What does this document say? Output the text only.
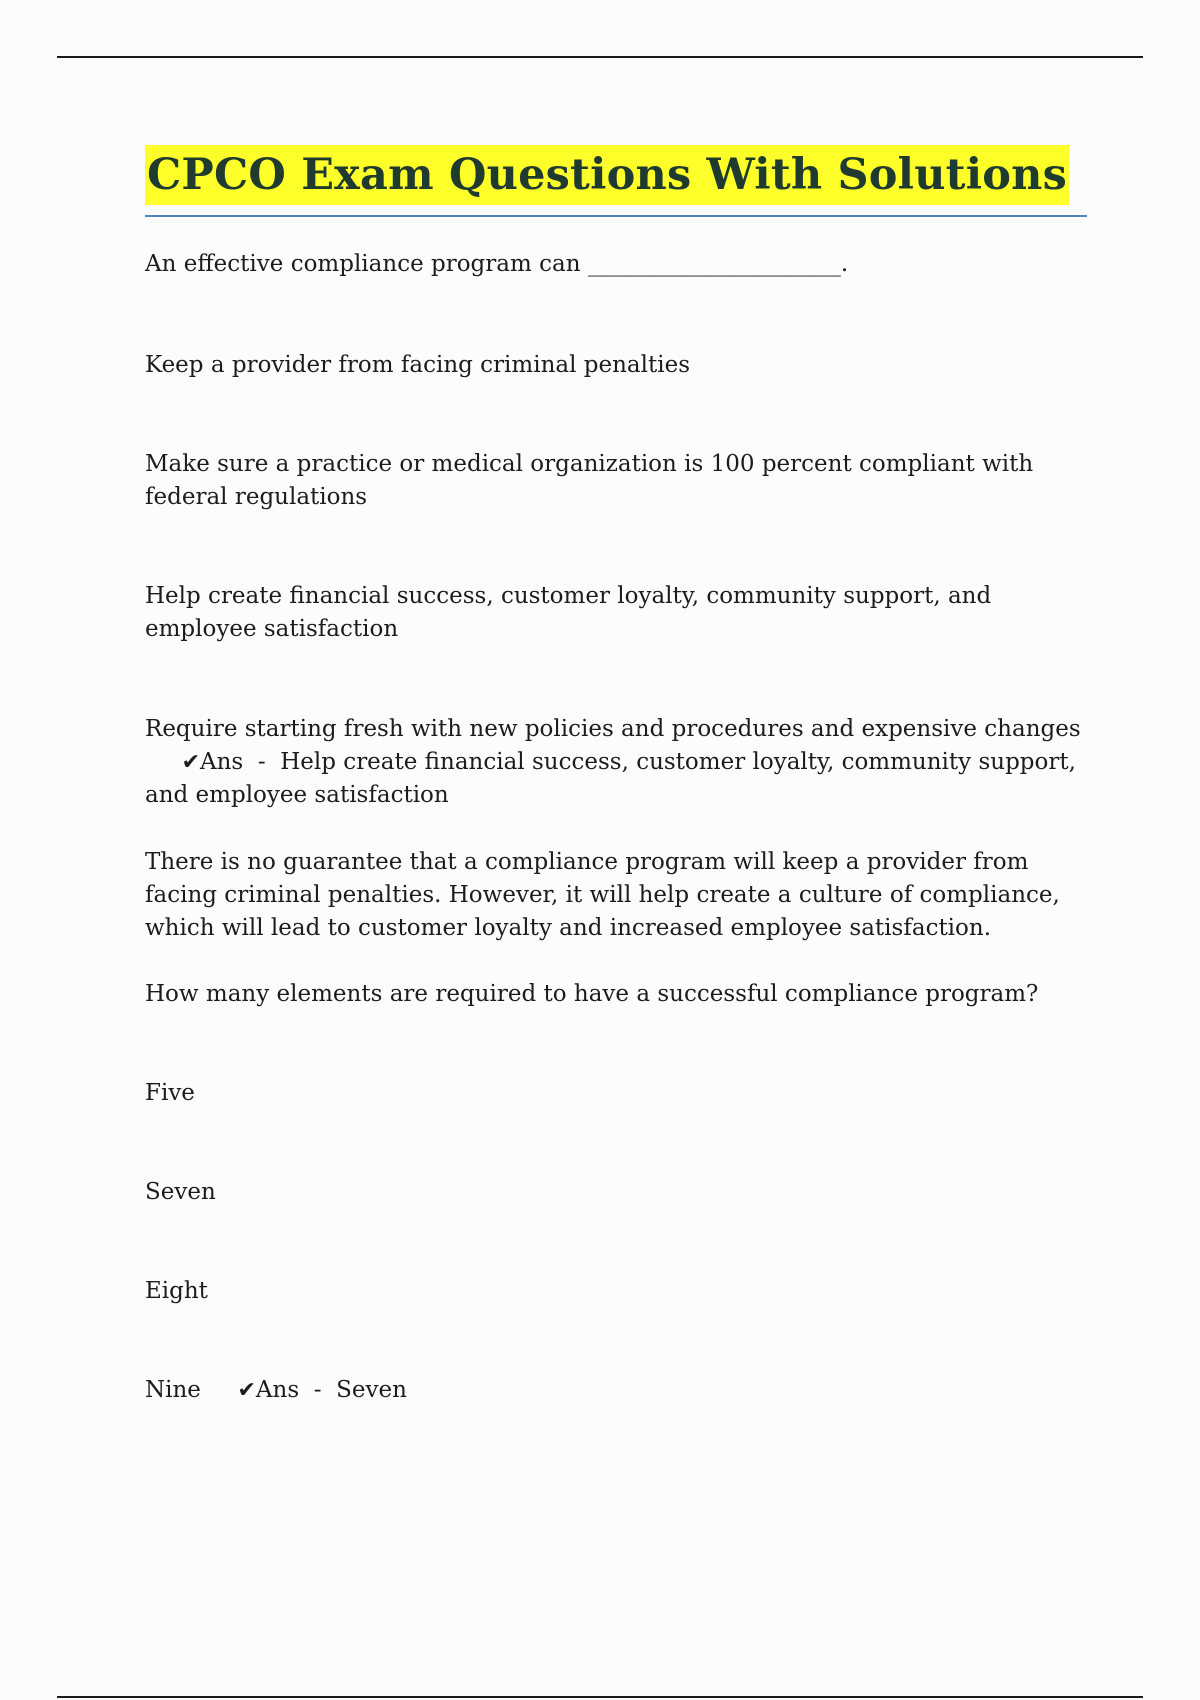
CPCO Exam Questions With Solutions

An effective compliance program can ______________________.

Keep a provider from facing criminal penalties

Make sure a practice or medical organization is 100 percent compliant with federal regulations

Help create financial success, customer loyalty, community support, and employee satisfaction

Require starting fresh with new policies and procedures and expensive changes     ✔Ans  -  Help create financial success, customer loyalty, community support, and employee satisfaction

There is no guarantee that a compliance program will keep a provider from facing criminal penalties. However, it will help create a culture of compliance, which will lead to customer loyalty and increased employee satisfaction.

How many elements are required to have a successful compliance program?

Five

Seven

Eight

Nine ✔Ans  -  Seven
